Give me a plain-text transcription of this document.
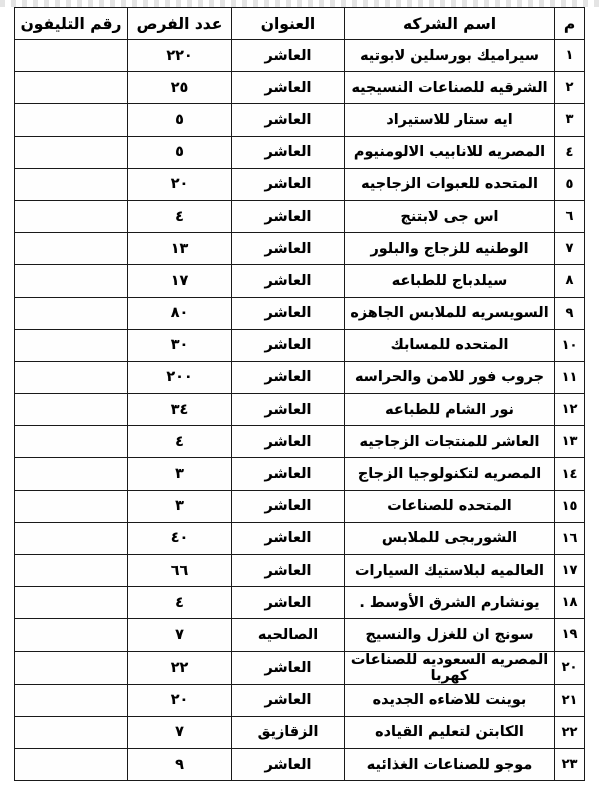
م	اسم الشركه	العنوان	عدد الفرص	رقم التليفون
١	سيراميك بورسلين لابوتيه	العاشر	٢٢٠	
٢	الشرقيه للصناعات النسيجيه	العاشر	٢٥	
٣	ايه ستار للاستيراد	العاشر	٥	
٤	المصريه للانابيب الالومنيوم	العاشر	٥	
٥	المتحده للعبوات الزجاجيه	العاشر	٢٠	
٦	اس جى لابتنج	العاشر	٤	
٧	الوطنيه للزجاج والبلور	العاشر	١٣	
٨	سيلدباج للطباعه	العاشر	١٧	
٩	السويسريه للملابس الجاهزه	العاشر	٨٠	
١٠	المتحده للمسابك	العاشر	٣٠	
١١	جروب فور للامن والحراسه	العاشر	٢٠٠	
١٢	نور الشام للطباعه	العاشر	٣٤	
١٣	العاشر للمنتجات الزجاجيه	العاشر	٤	
١٤	المصريه لتكنولوجيا الزجاج	العاشر	٣	
١٥	المتحده للصناعات	العاشر	٣	
١٦	الشوربجى للملابس	العاشر	٤٠	
١٧	العالميه لبلاستيك السيارات	العاشر	٦٦	
١٨	يونشارم الشرق الأوسط .	العاشر	٤	
١٩	سونج ان للغزل والنسيج	الصالحيه	٧	
٢٠	المصريه السعوديه للصناعات كهربا	العاشر	٢٢	
٢١	بوينت للاضاءه الجديده	العاشر	٢٠	
٢٢	الكابتن لتعليم القياده	الزقازيق	٧	
٢٣	موجو للصناعات الغذائيه	العاشر	٩	
